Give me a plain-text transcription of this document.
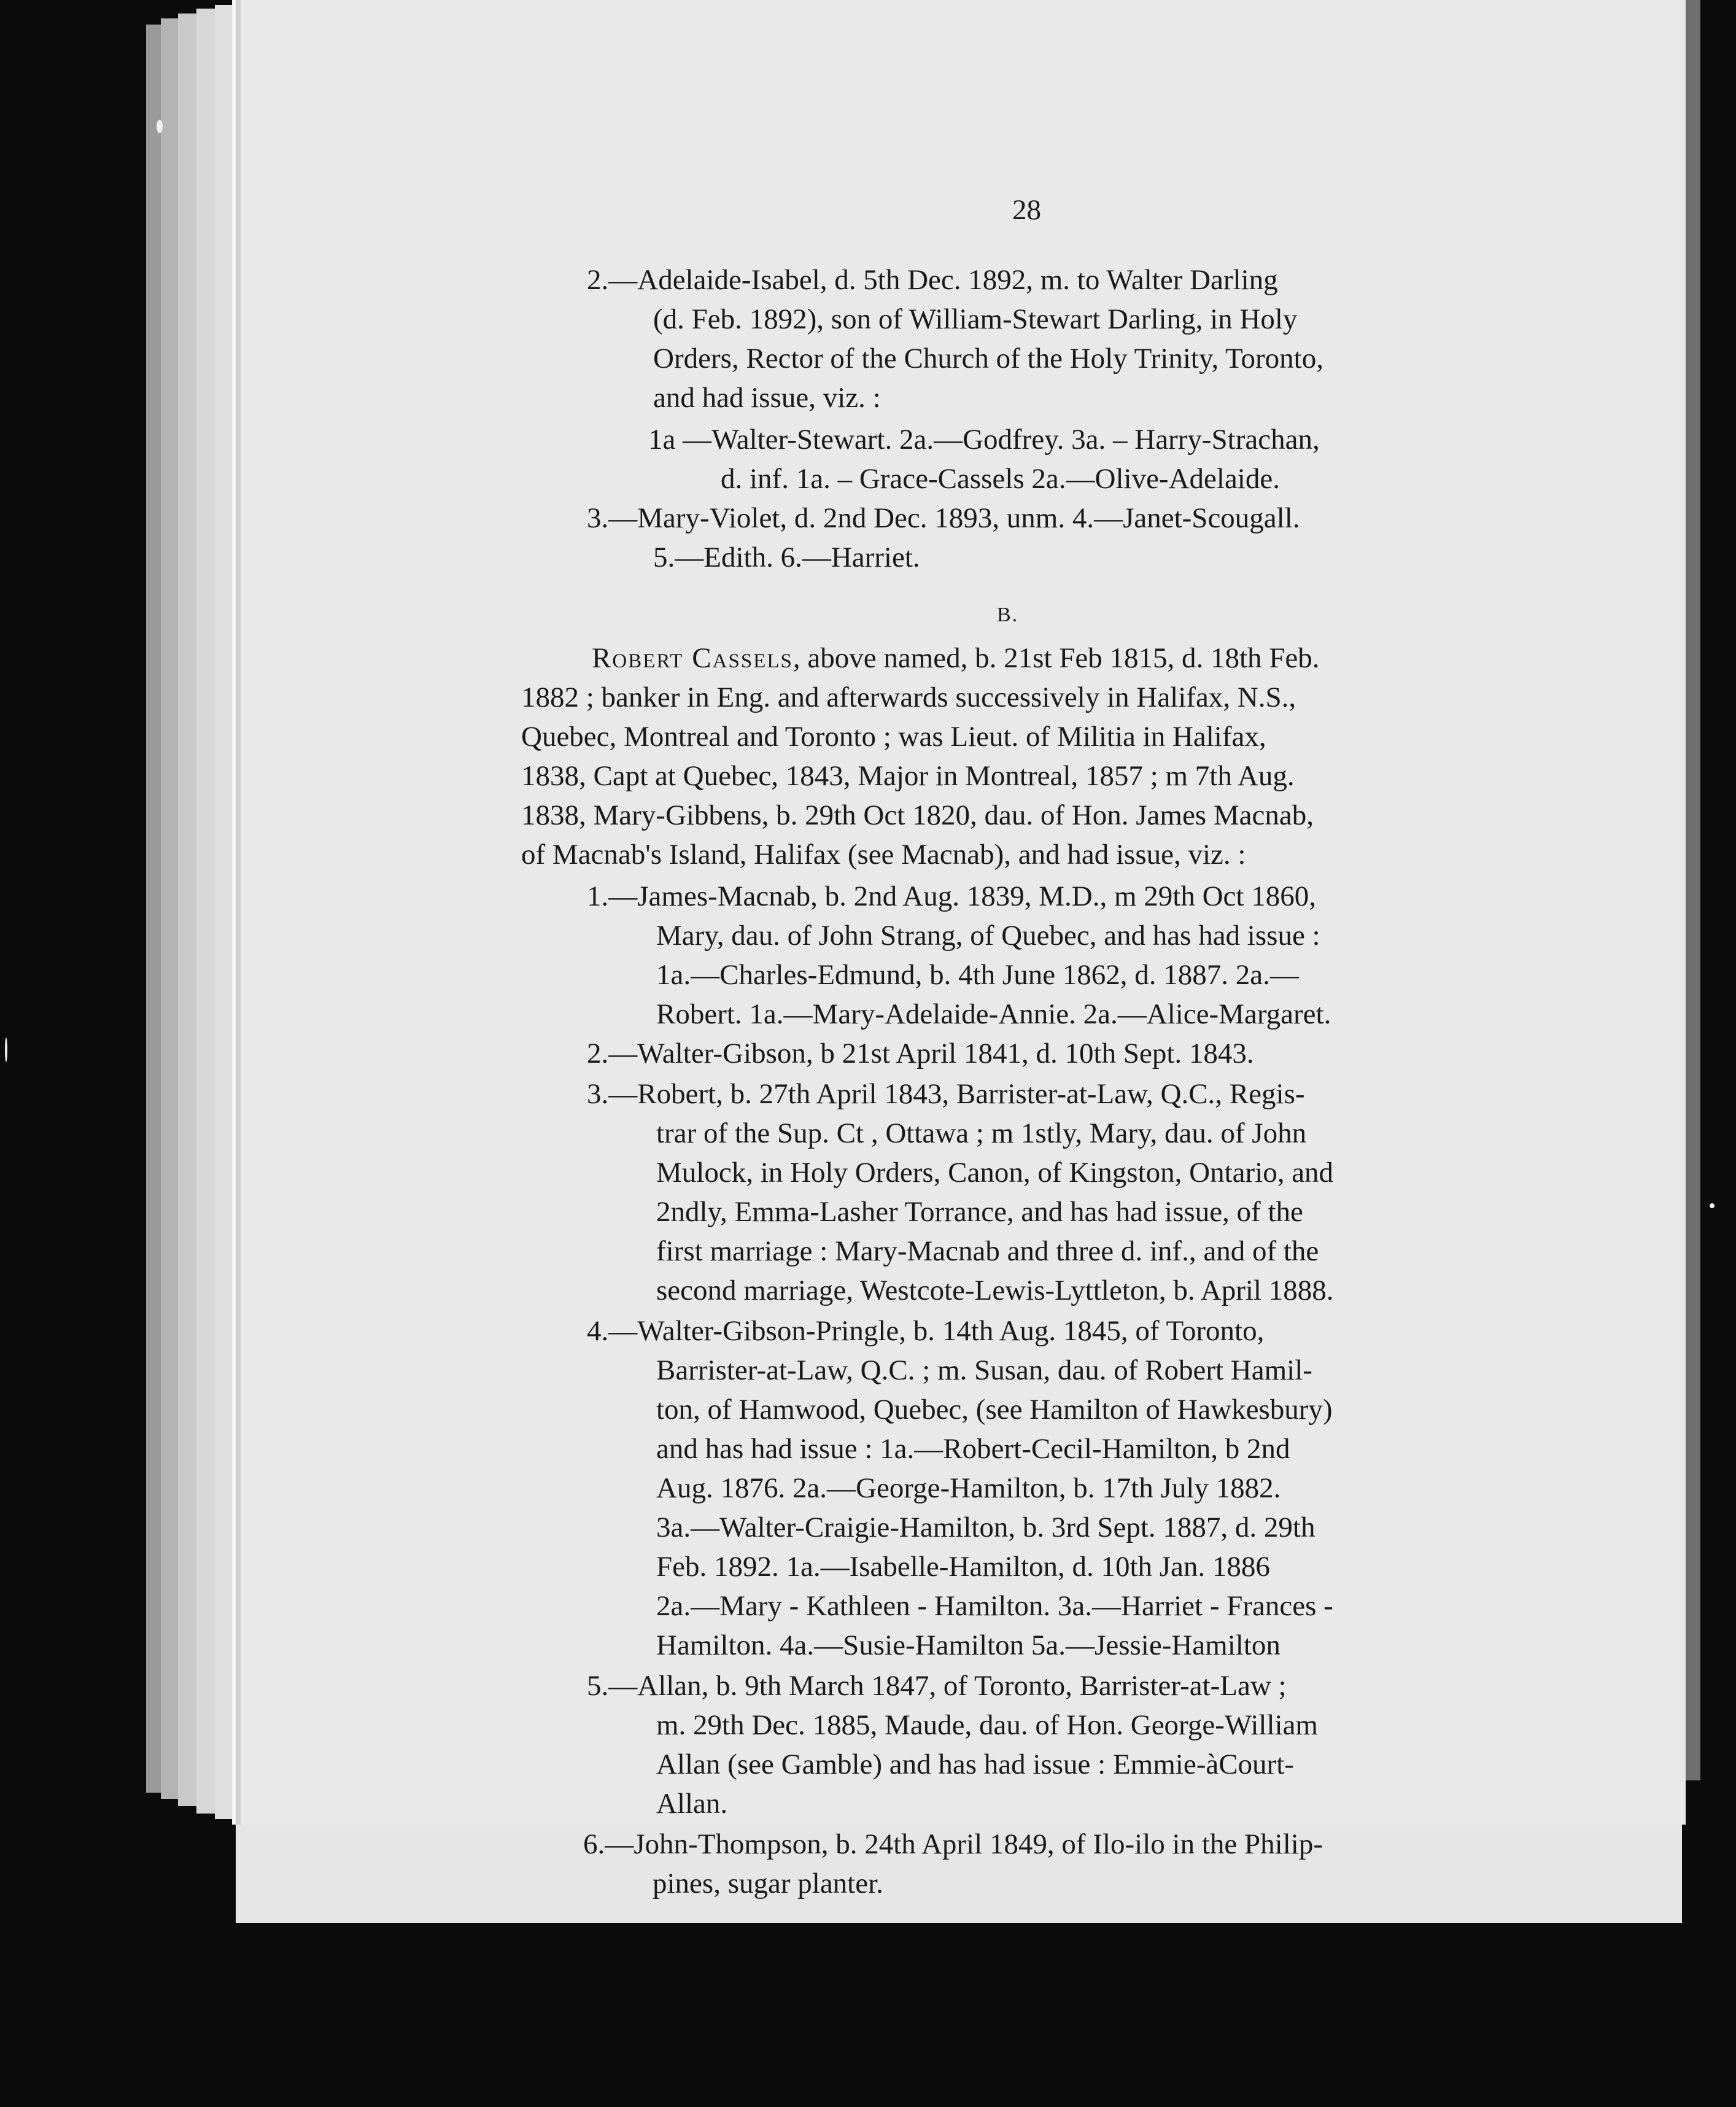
28
2.—Adelaide-Isabel, d. 5th Dec. 1892, m. to Walter Darling
(d. Feb. 1892), son of William-Stewart Darling, in Holy
Orders, Rector of the Church of the Holy Trinity, Toronto,
and had issue, viz. :
1a —Walter-Stewart. 2a.—Godfrey. 3a. – Harry-Strachan,
d. inf. 1a. – Grace-Cassels 2a.—Olive-Adelaide.
3.—Mary-Violet, d. 2nd Dec. 1893, unm. 4.—Janet-Scougall.
5.—Edith. 6.—Harriet.
B.
Robert Cassels, above named, b. 21st Feb 1815, d. 18th Feb.
1882 ; banker in Eng. and afterwards successively in Halifax, N.S.,
Quebec, Montreal and Toronto ; was Lieut. of Militia in Halifax,
1838, Capt at Quebec, 1843, Major in Montreal, 1857 ; m 7th Aug.
1838, Mary-Gibbens, b. 29th Oct 1820, dau. of Hon. James Macnab,
of Macnab's Island, Halifax (see Macnab), and had issue, viz. :
1.—James-Macnab, b. 2nd Aug. 1839, M.D., m 29th Oct 1860,
Mary, dau. of John Strang, of Quebec, and has had issue :
1a.—Charles-Edmund, b. 4th June 1862, d. 1887. 2a.—
Robert. 1a.—Mary-Adelaide-Annie. 2a.—Alice-Margaret.
2.—Walter-Gibson, b 21st April 1841, d. 10th Sept. 1843.
3.—Robert, b. 27th April 1843, Barrister-at-Law, Q.C., Regis-
trar of the Sup. Ct , Ottawa ; m 1stly, Mary, dau. of John
Mulock, in Holy Orders, Canon, of Kingston, Ontario, and
2ndly, Emma-Lasher Torrance, and has had issue, of the
first marriage : Mary-Macnab and three d. inf., and of the
second marriage, Westcote-Lewis-Lyttleton, b. April 1888.
4.—Walter-Gibson-Pringle, b. 14th Aug. 1845, of Toronto,
Barrister-at-Law, Q.C. ; m. Susan, dau. of Robert Hamil-
ton, of Hamwood, Quebec, (see Hamilton of Hawkesbury)
and has had issue : 1a.—Robert-Cecil-Hamilton, b 2nd
Aug. 1876. 2a.—George-Hamilton, b. 17th July 1882.
3a.—Walter-Craigie-Hamilton, b. 3rd Sept. 1887, d. 29th
Feb. 1892. 1a.—Isabelle-Hamilton, d. 10th Jan. 1886
2a.—Mary - Kathleen - Hamilton. 3a.—Harriet - Frances -
Hamilton. 4a.—Susie-Hamilton 5a.—Jessie-Hamilton
5.—Allan, b. 9th March 1847, of Toronto, Barrister-at-Law ;
m. 29th Dec. 1885, Maude, dau. of Hon. George-William
Allan (see Gamble) and has had issue : Emmie-àCourt-
Allan.
6.—John-Thompson, b. 24th April 1849, of Ilo-ilo in the Philip-
pines, sugar planter.
